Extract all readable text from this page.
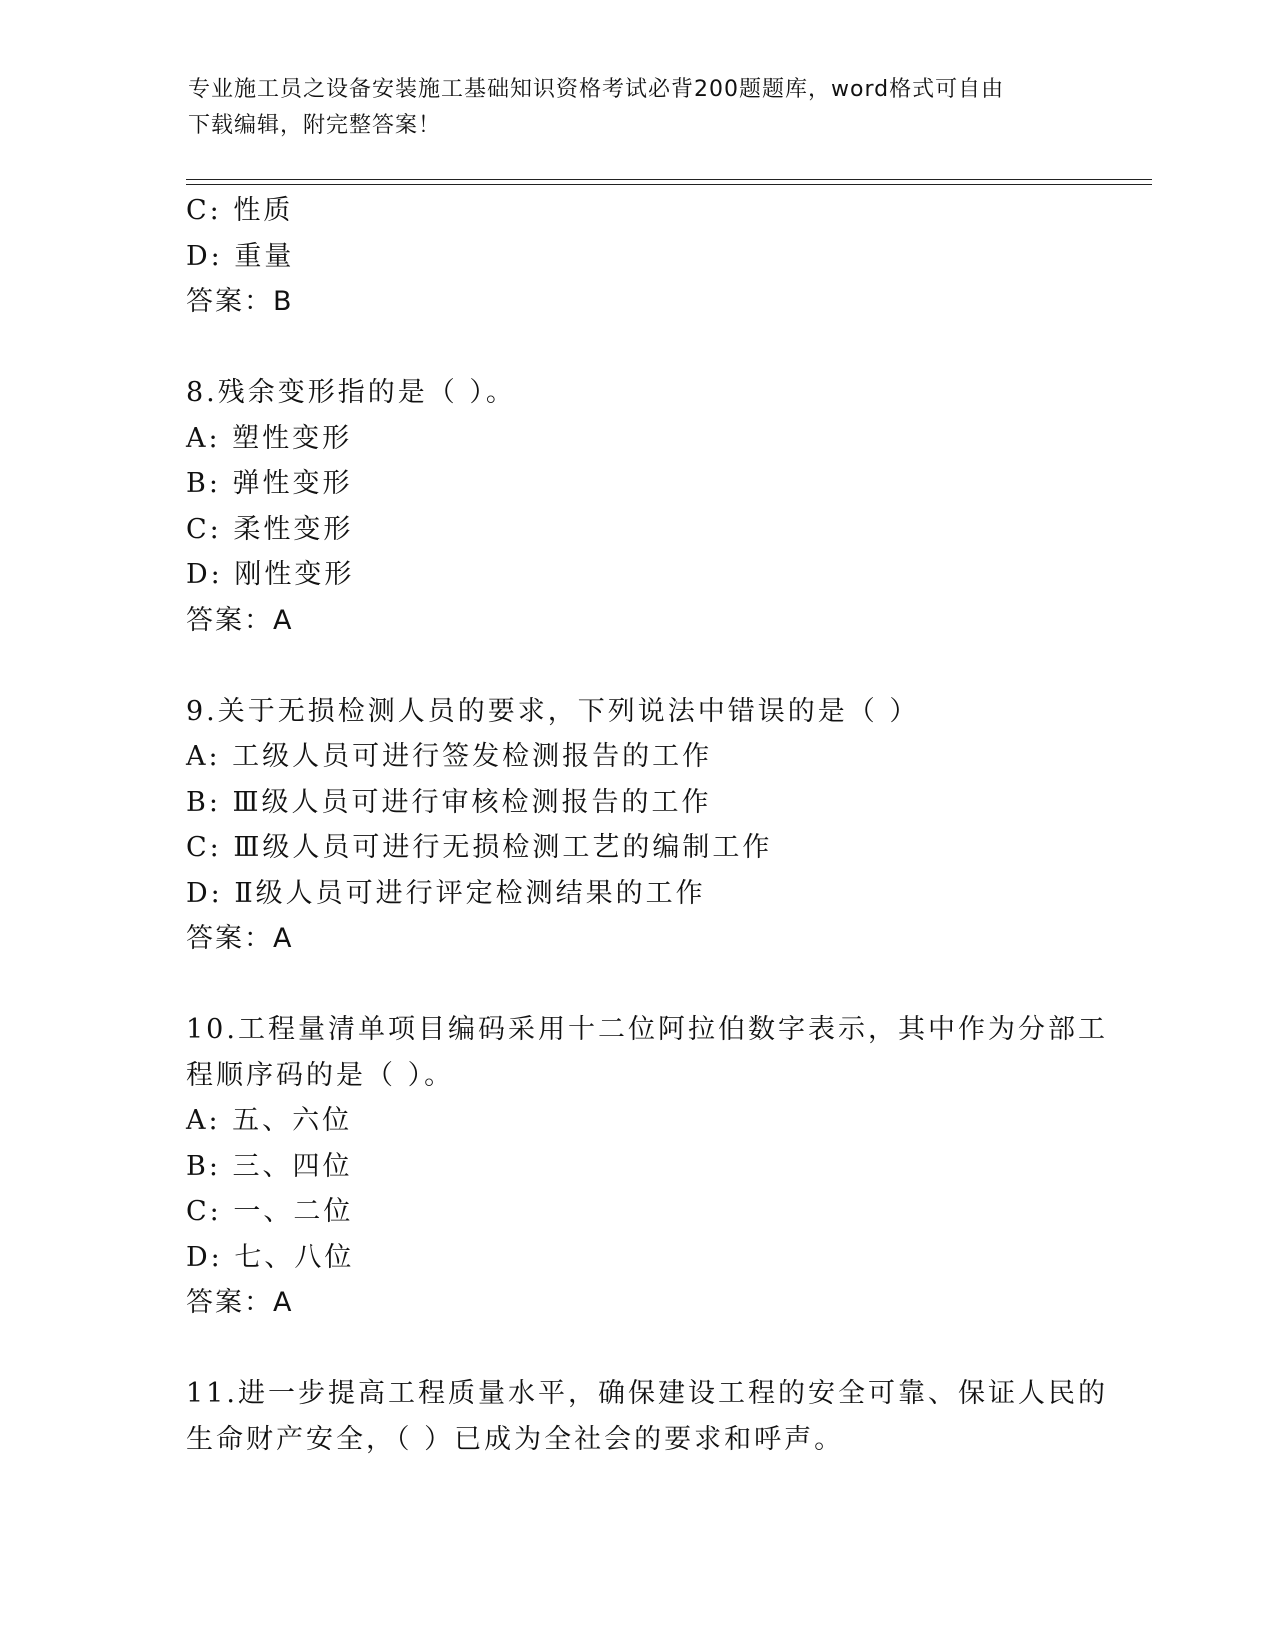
专业施工员之设备安装施工基础知识资格考试必背200题题库，word格式可自由
下载编辑，附完整答案！
C: 性质
D: 重量
答案：B
8.残余变形指的是（ ）。
A: 塑性变形
B: 弹性变形
C: 柔性变形
D: 刚性变形
答案：A
9.关于无损检测人员的要求，下列说法中错误的是（ ）
A: 工级人员可进行签发检测报告的工作
B: Ⅲ级人员可进行审核检测报告的工作
C: Ⅲ级人员可进行无损检测工艺的编制工作
D: Ⅱ级人员可进行评定检测结果的工作
答案：A
10.工程量清单项目编码采用十二位阿拉伯数字表示，其中作为分部工
程顺序码的是（ ）。
A: 五、六位
B: 三、四位
C: 一、二位
D: 七、八位
答案：A
11.进一步提高工程质量水平，确保建设工程的安全可靠、保证人民的
生命财产安全，（ ）已成为全社会的要求和呼声。
